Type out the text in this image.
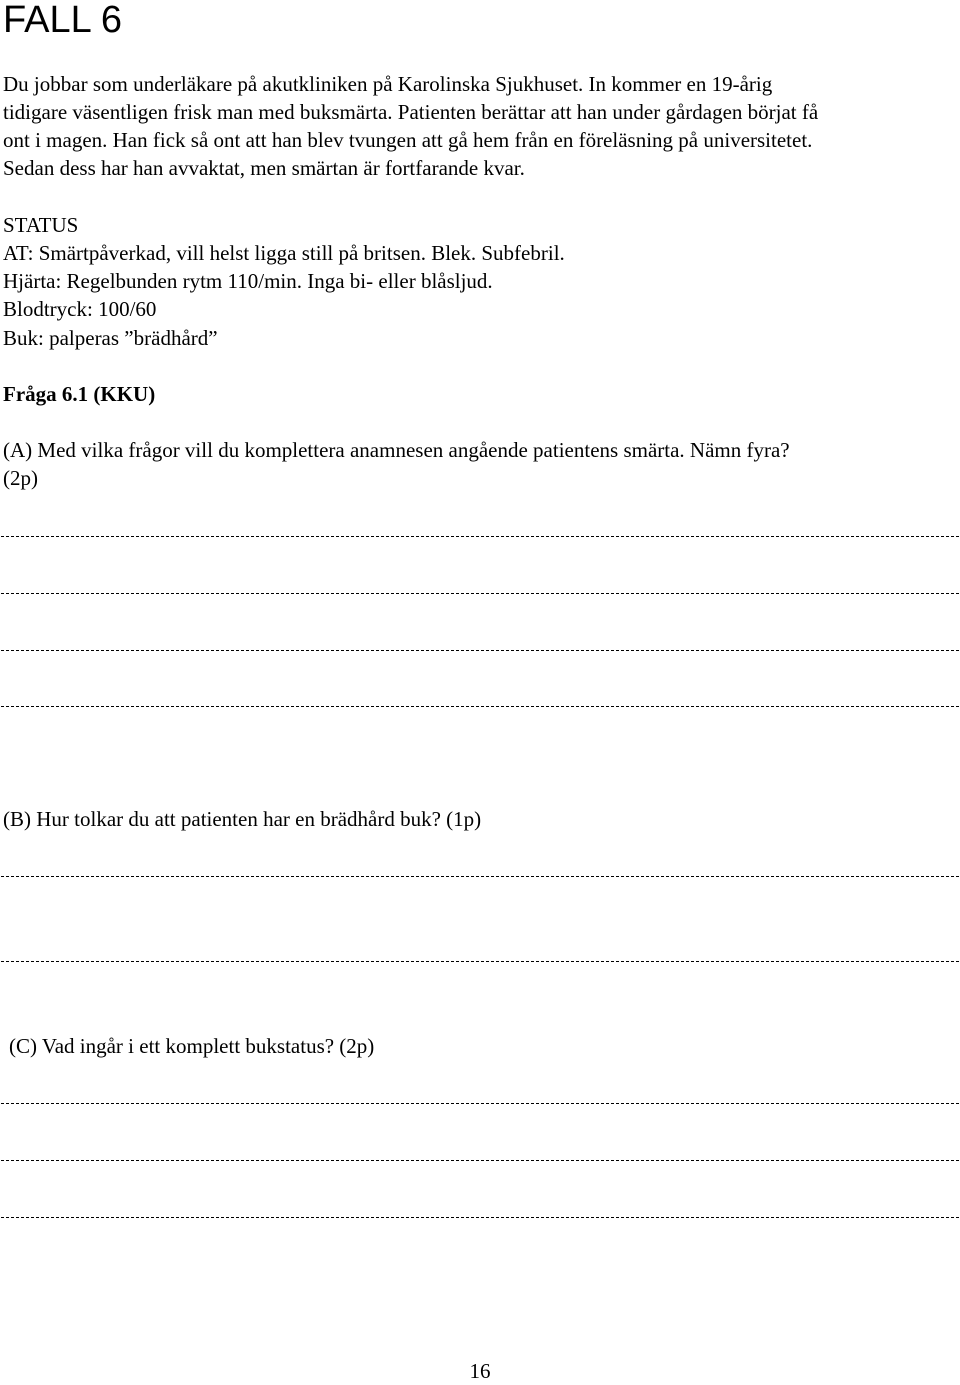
FALL 6
Du jobbar som underläkare på akutkliniken på Karolinska Sjukhuset. In kommer en 19-årig
tidigare väsentligen frisk man med buksmärta. Patienten berättar att han under gårdagen börjat få
ont i magen. Han fick så ont att han blev tvungen att gå hem från en föreläsning på universitetet.
Sedan dess har han avvaktat, men smärtan är fortfarande kvar.
STATUS
AT: Smärtpåverkad, vill helst ligga still på britsen. Blek. Subfebril.
Hjärta: Regelbunden rytm 110/min. Inga bi- eller blåsljud.
Blodtryck: 100/60
Buk: palperas ”brädhård”
Fråga 6.1 (KKU)
(A) Med vilka frågor vill du komplettera anamnesen angående patientens smärta. Nämn fyra?
(2p)
(B) Hur tolkar du att patienten har en brädhård buk? (1p)
(C) Vad ingår i ett komplett bukstatus? (2p)
16
